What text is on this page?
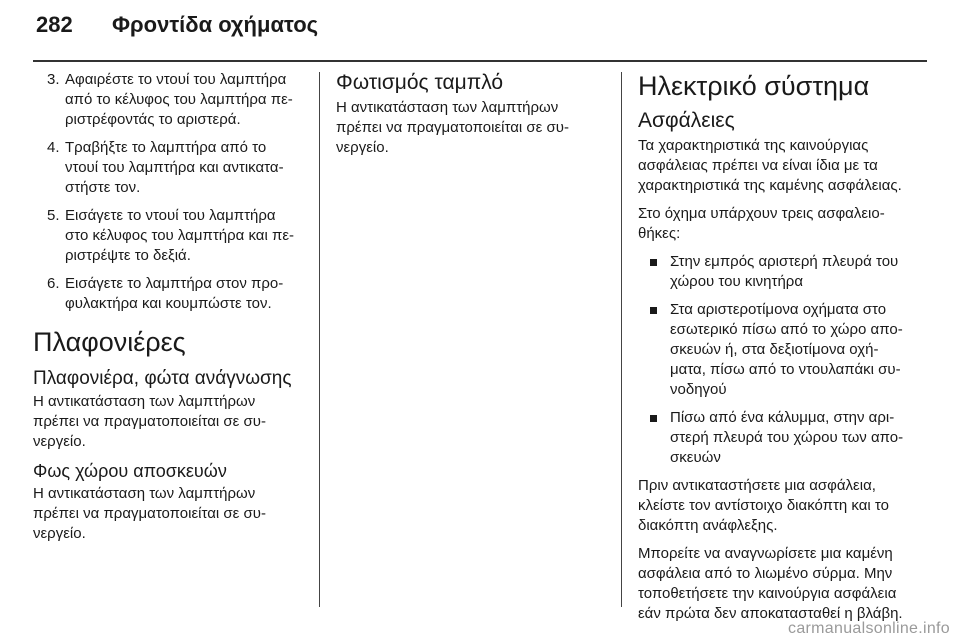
282 Φροντίδα οχήματος
3. Αφαιρέστε το ντουί του λαμπτήρα από το κέλυφος του λαμπτήρα περιστρέφοντάς το αριστερά.
4. Τραβήξτε το λαμπτήρα από το ντουί του λαμπτήρα και αντικαταστήστε τον.
5. Εισάγετε το ντουί του λαμπτήρα στο κέλυφος του λαμπτήρα και περιστρέψτε το δεξιά.
6. Εισάγετε το λαμπτήρα στον προφυλακτήρα και κουμπώστε τον.
Πλαφονιέρες
Πλαφονιέρα, φώτα ανάγνωσης

Η αντικατάσταση των λαμπτήρων πρέπει να πραγματοποιείται σε συνεργείο.

Φως χώρου αποσκευών

Η αντικατάσταση των λαμπτήρων πρέπει να πραγματοποιείται σε συνεργείο.

Φωτισμός ταμπλό

Η αντικατάσταση των λαμπτήρων πρέπει να πραγματοποιείται σε συνεργείο.

Ηλεκτρικό σύστημα
Ασφάλειες

Τα χαρακτηριστικά της καινούργιας ασφάλειας πρέπει να είναι ίδια με τα χαρακτηριστικά της καμένης ασφάλειας.

Στο όχημα υπάρχουν τρεις ασφαλειοθήκες:

Στην εμπρός αριστερή πλευρά του χώρου του κινητήρα
Στα αριστεροτίμονα οχήματα στο εσωτερικό πίσω από το χώρο αποσκευών ή, στα δεξιοτίμονα οχήματα, πίσω από το ντουλαπάκι συνοδηγού
Πίσω από ένα κάλυμμα, στην αριστερή πλευρά του χώρου των αποσκευών

Πριν αντικαταστήσετε μια ασφάλεια, κλείστε τον αντίστοιχο διακόπτη και το διακόπτη ανάφλεξης.

Μπορείτε να αναγνωρίσετε μια καμένη ασφάλεια από το λιωμένο σύρμα. Μην τοποθετήσετε την καινούργια ασφάλεια εάν πρώτα δεν αποκατασταθεί η βλάβη.

carmanualsonline.info
